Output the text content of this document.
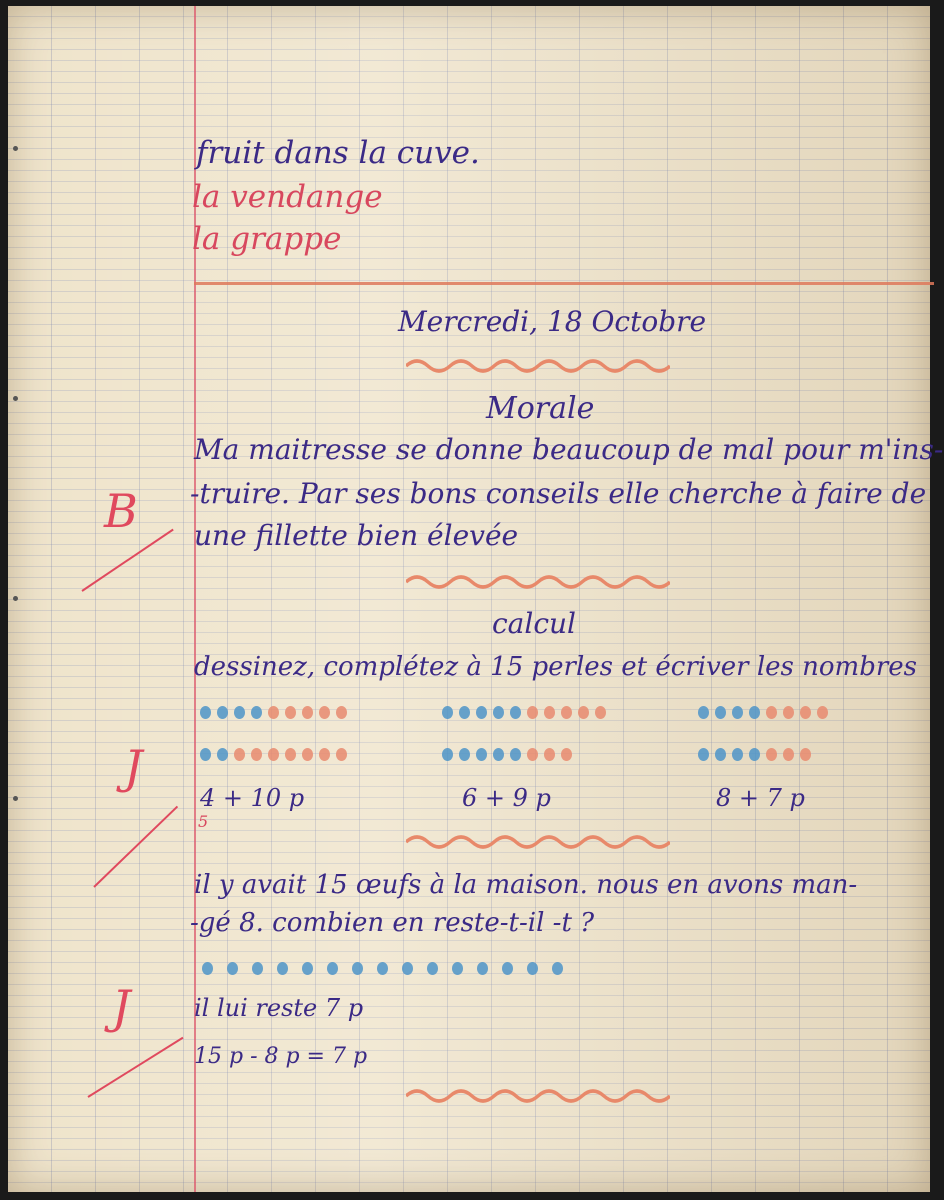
fruit dans la cuve.

la vendange

la grappe

Mercredi, 18 Octobre

Morale

Ma maitresse se donne beaucoup de mal pour m'ins-

-truire. Par ses bons conseils elle cherche à faire de

une fillette bien élevée

B

calcul

dessinez, complétez à 15 perles et écriver les nombres

4 + 10 p

5

6 + 9 p	8 + 7 p

J

il y avait 15 œufs à la maison. nous en avons man-

-gé 8. combien en reste-t-il -t ?

J	il lui reste 7 p

15 p - 8 p = 7 p
